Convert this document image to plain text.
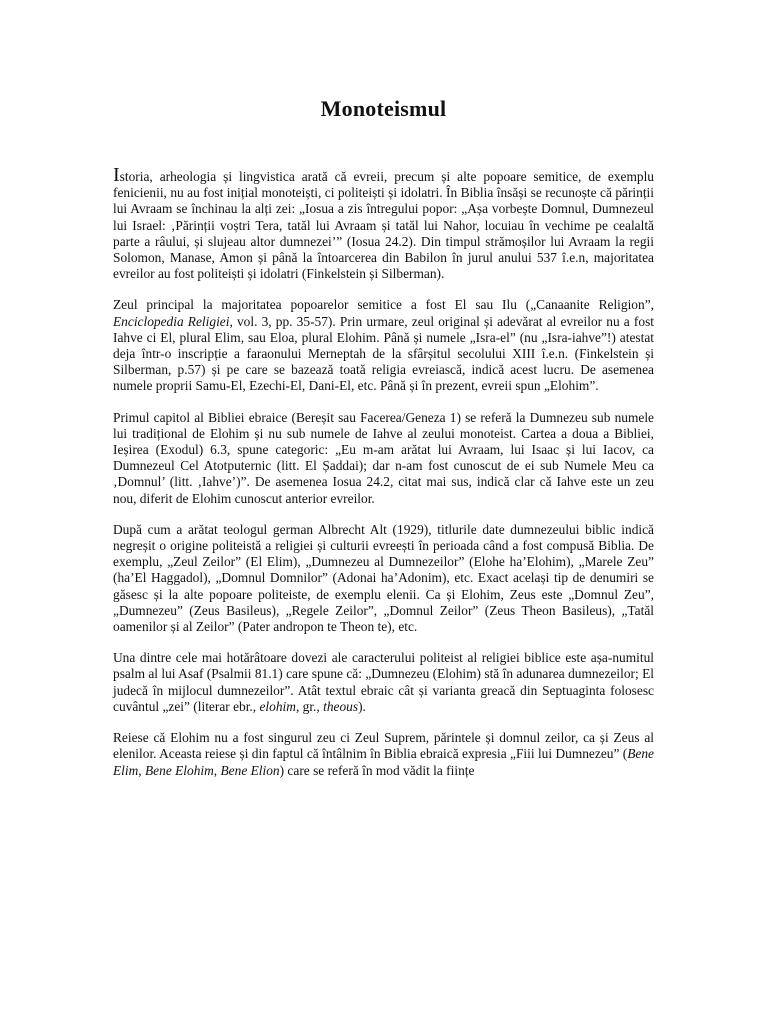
Monoteismul

Istoria, arheologia și lingvistica arată că evreii, precum și alte popoare semitice, de exemplu fenicienii, nu au fost inițial monoteiști, ci politeiști și idolatri. În Biblia însăși se recunoște că părinții lui Avraam se închinau la alți zei: „Iosua a zis întregului popor: „Așa vorbește Domnul, Dumnezeul lui Israel: ‚Părinții voștri Tera, tatăl lui Avraam și tatăl lui Nahor, locuiau în vechime pe cealaltă parte a râului, și slujeau altor dumnezei’” (Iosua 24.2). Din timpul strămoșilor lui Avraam la regii Solomon, Manase, Amon și până la întoarcerea din Babilon în jurul anului 537 î.e.n, majoritatea evreilor au fost politeiști și idolatri (Finkelstein și Silberman).

Zeul principal la majoritatea popoarelor semitice a fost El sau Ilu („Canaanite Religion”, Enciclopedia Religiei, vol. 3, pp. 35-57). Prin urmare, zeul original și adevărat al evreilor nu a fost Iahve ci El, plural Elim, sau Eloa, plural Elohim. Până și numele „Isra-el” (nu „Isra-iahve”!) atestat deja într-o inscripție a faraonului Merneptah de la sfârșitul secolului XIII î.e.n. (Finkelstein și Silberman, p.57) și pe care se bazează toată religia evreiască, indică acest lucru. De asemenea numele proprii Samu-El, Ezechi-El, Dani-El, etc. Până și în prezent, evreii spun „Elohim”.

Primul capitol al Bibliei ebraice (Bereșit sau Facerea/Geneza 1) se referă la Dumnezeu sub numele lui tradițional de Elohim și nu sub numele de Iahve al zeului monoteist. Cartea a doua a Bibliei, Ieșirea (Exodul) 6.3, spune categoric: „Eu m-am arătat lui Avraam, lui Isaac și lui Iacov, ca Dumnezeul Cel Atotputernic (litt. El Șaddai); dar n-am fost cunoscut de ei sub Numele Meu ca ‚Domnul’ (litt. ‚Iahve’)”. De asemenea Iosua 24.2, citat mai sus, indică clar că Iahve este un zeu nou, diferit de Elohim cunoscut anterior evreilor.

După cum a arătat teologul german Albrecht Alt (1929), titlurile date dumnezeului biblic indică negreșit o origine politeistă a religiei și culturii evreești în perioada când a fost compusă Biblia. De exemplu, „Zeul Zeilor” (El Elim), „Dumnezeu al Dumnezeilor” (Elohe ha’Elohim), „Marele Zeu” (ha’El Haggadol), „Domnul Domnilor” (Adonai ha’Adonim), etc. Exact același tip de denumiri se găsesc și la alte popoare politeiste, de exemplu elenii. Ca și Elohim, Zeus este „Domnul Zeu”, „Dumnezeu” (Zeus Basileus), „Regele Zeilor”, „Domnul Zeilor” (Zeus Theon Basileus), „Tatăl oamenilor și al Zeilor” (Pater andropon te Theon te), etc.

Una dintre cele mai hotărâtoare dovezi ale caracterului politeist al religiei biblice este așa-numitul psalm al lui Asaf (Psalmii 81.1) care spune că: „Dumnezeu (Elohim) stă în adunarea dumnezeilor; El judecă în mijlocul dumnezeilor”. Atât textul ebraic cât și varianta greacă din Septuaginta folosesc cuvântul „zei” (literar ebr., elohim, gr., theous).

Reiese că Elohim nu a fost singurul zeu ci Zeul Suprem, părintele și domnul zeilor, ca și Zeus al elenilor. Aceasta reiese și din faptul că întâlnim în Biblia ebraică expresia „Fiii lui Dumnezeu” (Bene Elim, Bene Elohim, Bene Elion) care se referă în mod vădit la ființe
